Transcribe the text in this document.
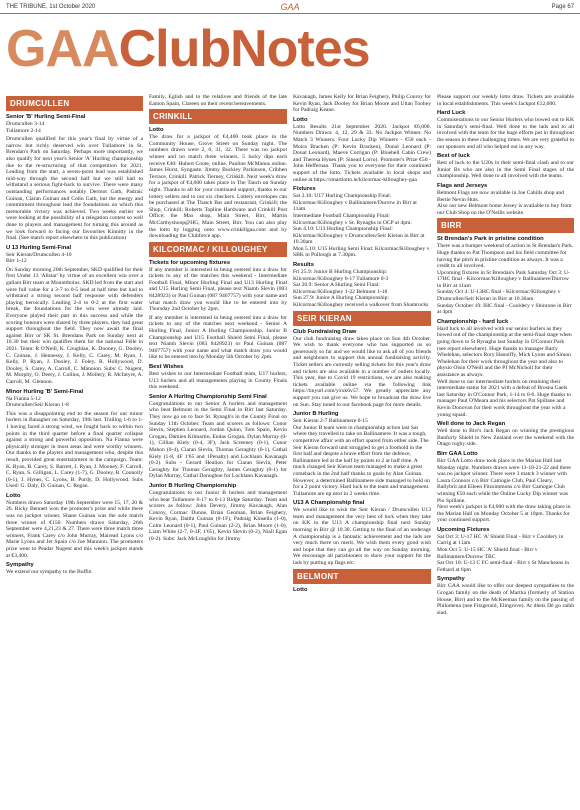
THE TRIBUNE, 1st October 2020	GAA	Page 67
GAAClubNotes
DRUMCULLEN
Senior 'B' Hurling Semi-Final
Drumcullen 3-14
Tullamore 2-14
Drumcullen qualified for this year's final by virtue of a narrow but richly deserved win over Tullamore in St. Brendan's Park on Saturday. Perhaps more importantly, we also qualify for next year's Senior 'A' Hurling championship due to the re-structuring of that competition for 2021. Leading from the start, a seven-point lead was established mid-way through the second half but we still had to withstand a serious fight-back to survive. There were many outstanding performances notably Dermot Gath, Padraic Guinan, Ciaran Guinan and Colin Gath, but the energy and commitment throughout lead the foundations on which this memorable victory was achieved. Two weeks earlier we were looking at the possibility of a relegation contest so well done to players and management for turning this around as we look forward to facing our favourites Kinnitty in the final. (See match report elsewhere in this publication)
U 13 Hurling Semi-Final
Seir Kieran/Drumcullen 4-10
Birr 1-12
On Sunday morning 20th September, SKD qualified for their first Under 13 'Allstar' by virtue of an excellent win over a gallant Birr team at Mounttbolus. SKD led from the start and were full value for a 3-7 to 0-5 lead at half time but had to withstand a strong second half response with defenders playing heroically. Leading 2-4 to 0-2 at the first water break, the foundations for the win were already laid. Everyone played their part in this success and while the scoring honours were shared by three players, they had great support throughout the field. They now await the final against Birr or SK St. Brendans Park on Sunday next at 10.30 but their win qualifies them for the national Féile in 2021. Team: R O'Neill, K. Coughlan, K. Dooney, G. Dooley, C. Guinan, J. Hennessy, J. Kelly, C. Carey, M. Ryan, J. Kelly, P. Ryan, J. Dooley, J. Foley, R. Hollywood, D. Dooley, S. Carey, A. Carroll, C. Mannion. Subs: C. Nugent, M. Murphy, O. Deery, J. Collins, J. Mollery, R. McIntyre, A. Carroll, M. Glennon.
Minor Hurling 'B' Semi-Final
Na Fianna 5-12
Drumcullen/Seir Kieran 1-8
This was a disappointing end to the season for our minor hurlers in Banagher on Saturday, 19th last. Trailing 1-6 to 1-1 having faced a strong wind, we fought back to within two points in the third quarter before a final quarter collapse against a strong and powerful opposition. Na Fianna were physically stronger in most areas and were worthy winners. Our thanks to the players and management who, despite this result, provided great entertainment in the campaign. Team: K. Ryan, B. Carey, S. Barrett, J. Ryan, J. Mooney, F. Carroll, C. Ryan, S. Gilligan, L. Carey (1-7), G. Dooley, B. Connolly (0-1), J. Hynes, C. Lyons, B. Purdy, D. Hollywood. Subs Used: G. Daly, D. Guinan, C. Regan.
Lotto
Numbers drawn Saturday 19th September were 15, 17, 20 & 26. Ricky Bennett won the promoter's prize and while there was no jackpot winner, Shane Guinan was the sole match three winner of €150. Numbers drawn Saturday, 26th September were 4,21,23 & 27. There were three match three winners, Frank Carey c/o John Murray, Mairead Lyons c/o Marie Lyons and Jer Spain c/o Joe Mannion. The promoters prize went to Peadar Nugent and this week's jackpot stands at €3,400.
Sympathy
We extend our sympathy to the Buffin
Family, Eglish and to the relatives and friends of the late Eamon Spain, Clareen on their recent bereavements.
CRINKILL
Lotto
The draw for a jackpot of €4,400 took place in the Community House, Grove Street on Sunday night. The numbers drawn were 2, 6, 31, 32. There was no jackpot winner and no match three winners. 5 lucky dips each receive €40: Hubert Coote, online. Pauline McManus online. James Hurst, Syngaste. Jimmy Buckley Parkinson, Cribben Terrace, Crinkill. Patrick Tierney, Crinkill. Next week's draw for a jackpot of €4,600 takes place in The Tanch on Sunday night. Thanks to all for your continued support, thanks to our lottery sellers and to our six checkers. Lottery envelopes can be purchased at The Thatch Bar and restaurant, Crinkill; the Shop, Crinkill; Roberts Topline Hardware and Crinkill Post Office; the Max shop, Main Street, Birr, Martin McCarthyshoop@HG, Main Street, Birr. You can also play the lotto by logging onto www.crinkillgaa.com and by downloading the Clubforce app.
KILCORMAC / KILLOUGHEY
Tickets for upcoming fixtures
If any member is interested in being entered into a draw for tickets to any of the matches this weekend - Intermediate Football Final, Minor Hurling Final and U13 Hurling Final and U15 Hurling Semi Final, please text Niamh Slevin (083 8428923) or Paul Guinan (087 9407757) with your name and what match draw you would like to be entered into by Thursday 2nd October by 2pm.
If any member is interested in being entered into a draw for tickets to any of the matches next weekend - Senior A Hurling Final, Junior A Hurling Championship, Junior B Championship and U15 Football Shield Semi Final, please text Niamh Slevin (083 8428923) or Paul Guinan (087 9407757) with your name and what match draw you would like to be entered into by Monday 5th October by 2pm.
Best Wishes
Best wishes to our Intermediate Football team, U17 hurlers, U13 hurlers and all managements playing in County Finals this weekend.
Senior A Hurling Championship Semi Final
Congratulations to our Senior A hurlers and management who beat Belmont in the Semi Final in Birr last Saturday. They now go on to face St. Rynagh's in the County Final on Sunday 11th October. Team and scorers as follows: Conor Slevin, Stephen Leonard, Jordan Quinn, Tom Spain, Kevin Grogan, Damien Kilmartin, Endas Grogan, Dylan Murray (0-1), Cillian Kiely (0-4, 3F), Jack Screeney (0-1), Conor Mahon (0-4), Ciaran Slevin, Thomas Geraghty (0-1), Cathal Kiely (1-8, 4F 1'65 and 1Penalty) and Lochlann Kavanagh (0-2). Subs - Gerard Healion for Ciaran Slevin, Peter Geraghty for Thomas Geraghty, James Geraghty (0-1) for Dylan Murray, Cathal Donoghue for Lochlann Kavanagh.
Junior B Hurling Championship
Congratulations to our Junior B hurlers and management who beat Tullamore 6-17 to 0-13 Ridge Saturday. Team and scorers as follow: John Devery, Jimmy Kavanagh, Alan Conroy, Cormac Dunne, Brian Geoman, Brian Feighery, Kevin Ryan, Daithi Guinan (0-1F), Padraig Kinsella (1-0), Colm Leonard (0-1), Paul Guinan (2-2), Brian Moore (1-0), Liam White (2-7, 0-3F, 1'65), Kevin Slevin (0-2), Niall Egan (0-2). Subs: Jack McLoughlin for Jimmy
Kavanagh, James Kelly for Brian Feighery, Philip Conroy for Kevin Ryan, Jack Dooley for Brian Moore and Ultan Toohey for Padraig Keane.
Lotto
Lotto Results 21st September 2020. Jackpot €6,000. Numbers Drawn: 4, 12, 29 & 33. No Jackpot Winner. No Match 3 Winners. Four Lucky Dip Winners - €50 each - Moira Bracken (P: Kevin Bracken), Donal Leonard (P: Donal Leonard), Maeve Corrigan (P: Bluebell Cabin Crew) and Theresa Hynes (P: Sinead Lorro). Promoter's Prize €50 - John Heffernan. Thank you to everyone for their continued support of the lotto. Tickets available in local shops and online at https://smartlotto.ie/kilcormac-killoughey-gaa
Fixtures
Sat 3.10: U17 Hurling Championship Final: Kilcormac/Killoughey v Ballinamere/Durrow in Birr at 11am.
Intermediate Football Championship Final: Kilcormac/Killoughey v St. Rynaghs in OCP at 4pm.
Sun 4.10: U13 Hurling Championship Final: Kilcormac/Killoughey v Drumcullen/Seir Kieran in Birr at 10.30am
Mon 5.10: U15 Hurling Semi Final: Kilcormac/Killoughey v SBK in Pullough at 7.30pm.
Results
Fri 25.9: Junior B Hurling Championship: Kilcormac/Killoughey 6-17 Tullamore 0-3
Sat 26.9: Senior A Hurling Semi Final: Kilcormac/Killoughey 1-22 Belmont 1-18
Sun 27.9: Junior A Hurling Championship: Kilcormac/Killoughey received a walkover from Shamrocks
SEIR KIERAN
Club Fundraising Draw
Our club fundraising draw takes place on Sun 4th October. We wish to thank everyone who has supported us so generously so far and we would like to ask all of you friends and neighbours to support this annual fundraising activity. Ticket sellers are currently selling tickets for this year's draw and tickets are also available in a number of outlets locally. This year, due to Covid 19 restrictions, we are also making tickets available online via the following link https://tinyurl.com/yxxk6v57. We greatly appreciate any support you can give us. We hope to broadcast the draw live on Sun. Stay tuned to our facebook page for more details.
Junior B Hurling
Seir Kieran 2-7 Ballinamere 0-15
Our Junior B team were in championship action last Sat where they travelled to take on Ballinamere. It was a tough, competitive affair with an effort spared from either side. The Seir Kieran forward unit struggled to get a foothold in the first half and despite a brave effort from the defence, Ballinamere led at the half by points to 2 at half time. A much changed Seir Kieran team managed to make a great comeback in the 2nd half thanks to goals by Alan Guinan. However, a determined Ballinamere side managed to hold on for a 2 point victory. Hard luck to the team and management. Tullamore are up next in 2 weeks time.
U13 A Championship final
We would like to wish the Seir Kieran / Drumcullen U13 team and management the very best of luck when they take on KK in the U13 A championship final next Sunday morning in Birr @ 10.30. Getting to the final of an underage A championship is a fantastic achievement and the lads are very much there on merit. We wish them every good wish and hope that they can go all the way on Sunday morning. We encourage all parishioners to show your support for the lads by putting up flags etc.
BELMONT
Lotto
Please support our weekly lotto draw. Tickets are available in local establishments. This week's Jackpot €12,000.
Hard Luck
Commiserations to our Senior Hurlers who bowed out to KK in Saturday's semi-final. Well done to the lads and to all involved with the team for the huge efforts put in throughout the season in these challenging times. We are very grateful to our sponsors and all who helped out in any way.
Best of luck
Best of luck to the U20s in their semi-final clash and to our Junior Bs who are also in the Semi Final stages of the championship. Well done to all involved with the teams.
Flags and Jerseys
Belmont Flags are now available in Joe Cahills shop and Bertie Nevin Huts.
Also our new Belmont home Jersey is available to buy from our Club Shop on the O'Neills website.
BIRR
St Brendan's Park in pristine condition
There was a bumper weekend of action in St Brendan's Park. Huge thanks to Pat Thompson and his field committee for having the pitch in pristine condition as always. It was a credit to all involved.
Upcoming fixtures in St Brendan's Park Saturday Oct 3: U-17HC final - Kilcormac/Killoughey v Ballinamere/Durrow in Birr at 11am
Sunday Oct 4: U-13HC final - Kilcormac/Killoughey v Drumcullen/Seir Kieran in Birr at 10.30am
Sunday October 10: IHC final - Cooldery v Shinrone in Birr at 4pm
Championship - hard luck
Hard luck to all involved with our senior hurlers as they bowed out of the championship at the semi-final stage when going down to St Rynaghs last Sunday in O'Connor Park (see report elsewhere). Huge thanks to manager Barry Whelehan, selectors Rory Hanniffy, Mick Lyons and Simon Whelehan for their work throughout the year and also to physio Oisin O'Neill and the PJ McNicholl for their assistance as always.
Well done to our intermediate hurlers on retaining their intermediate status for 2021 with a defeat of Brosna Gaels last Saturday in O'Connor Park, 1-14 to 0-6. Huge thanks to manager Paul O'Meara and his selectors Pat Spillane and Kevin Donovan for their work throughout the year with a young squad.
Well done to Jack Regan
Well done to Birr's Jack Regan on winning the prestigious Banfurly Shield in New Zealand over the weekend with the Otago rugby side.
Birr GAA Lotto
Birr GAA Lotto draw took place in the Marian Hall last Monday night. Numbers drawn were 13-18-21-22 and there was no jackpot winner. There were 3 match 3 winner with Laura Connors c/o Birr Camogie Club, Paul Cleary, Ballybrit and Eileen Fitzsimmons c/o Birr Camogie Club winning €50 each while the Online Lucky Dip winner was Pio Spillane.
Next week's jackpot is €4,600 with the draw taking place in the Marian Hall on Monday October 5 at 10pm. Thanks for your continued support.
Upcoming Fixtures
Sat Oct 3: U-17 HC 'A' Shield Final - Birr v Cooldery in Carrig at 11am
Mon Oct 5: U-15 HC 'A' Shield final - Birr v Ballinamere/Durrow TBC
Sat Oct 10: U-13 C FC semi-final - Birr v St Mancheans in Fethard at 6pm
Sympathy
Birr GAA would like to offer our deepest sympathies to the Grogan family on the death of Martha (formerly of Station House, Birr) and to the McKeeman family on the passing of Philomena (nee Fitzgerald, Elmgrove). Ar dheis Dé go raibh siad.
